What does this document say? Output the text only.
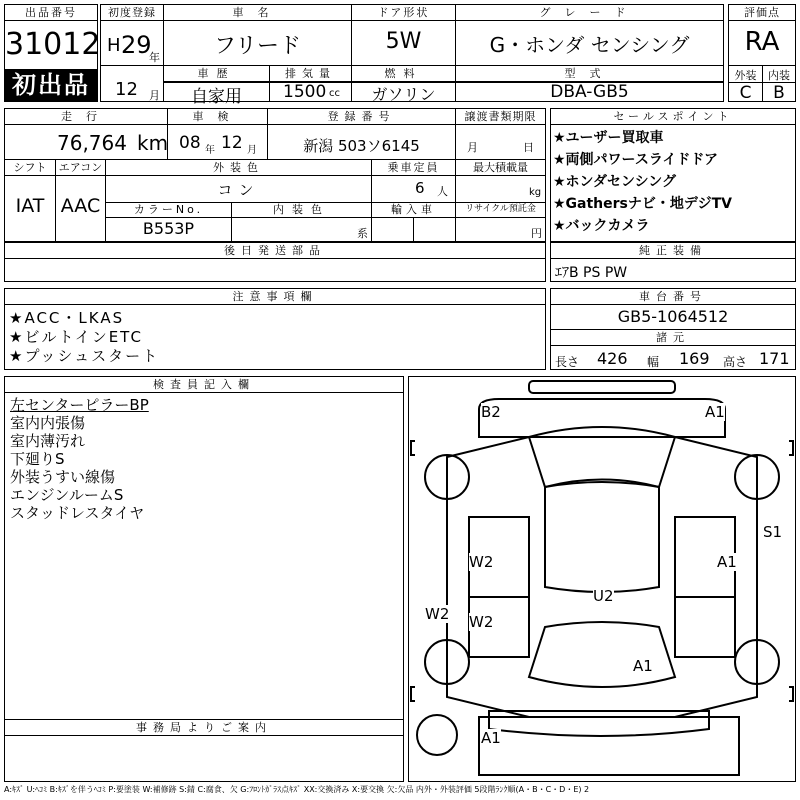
出品番号
31012
初出品
初度登録
H 29
年
12 月
車名
フリード
ドア形状
5W
グレード
G・ホンダ センシング
車歴
自家用
排気量
1500 cc
燃料
ガソリン
型式
DBA-GB5
評価点
RA
外装	内装
C	B
走行
76,764 km
車検
08 年 12 月
登録番号
新潟 503ソ6145
譲渡書類期限
月	日
シフト
IAT
エアコン
AAC
外装色
コン
乗車定員
6 人
最大積載量
kg
カラーNo.
B553P
内装色
系
輸入車	リサイクル預託金
円
セールスポイント
★ユーザー買取車
★両側パワースライドドア
★ホンダセンシング
★Gathersナビ・地デジTV
★バックカメラ
後日発送部品	純正装備
ｴｱB PS PW
注意事項欄
★ACC・LKAS
★ビルトインETC
★プッシュスタート
車台番号
GB5-1064512
諸元
長さ 426 幅 169 高さ 171
検査員記入欄
左センターピラーBP
室内内張傷
室内薄汚れ
下廻りS
外装うすい線傷
エンジンルームS
スタッドレスタイヤ
事務局よりご案内
B2	A1
S1
W2	A1
W2 W2
U2
A1
A1
A:ｷｽﾞ U:ﾍｺﾐ B:ｷｽﾞを伴うﾍｺﾐ P:要塗装 W:補修跡 S:錆 C:腐食、欠 G:ﾌﾛﾝﾄｶﾞﾗｽ点ｷｽﾞ XX:交換済み X:要交換 欠:欠品 内外・外装評価 5段階ﾗﾝｸ順(A・B・C・D・E) 2
